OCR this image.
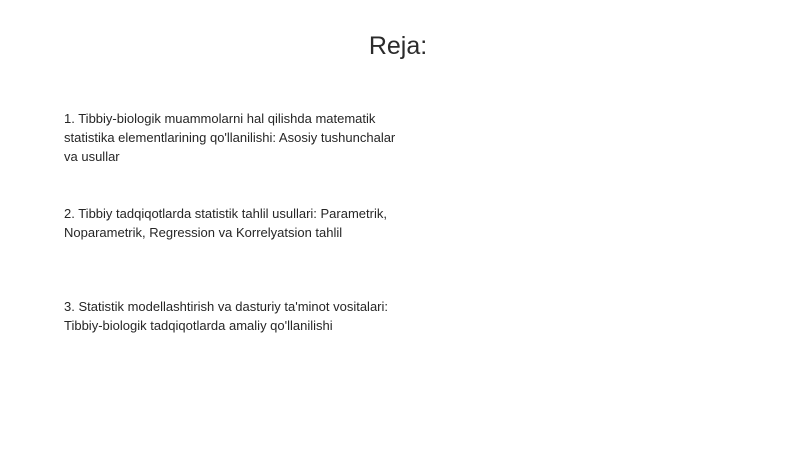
Reja:
1. Tibbiy-biologik muammolarni hal qilishda matematik statistika elementlarining qo'llanilishi: Asosiy tushunchalar va usullar
2. Tibbiy tadqiqotlarda statistik tahlil usullari: Parametrik, Noparametrik, Regression va Korrelyatsion tahlil
3. Statistik modellashtirish va dasturiy ta'minot vositalari: Tibbiy-biologik tadqiqotlarda amaliy qo'llanilishi
